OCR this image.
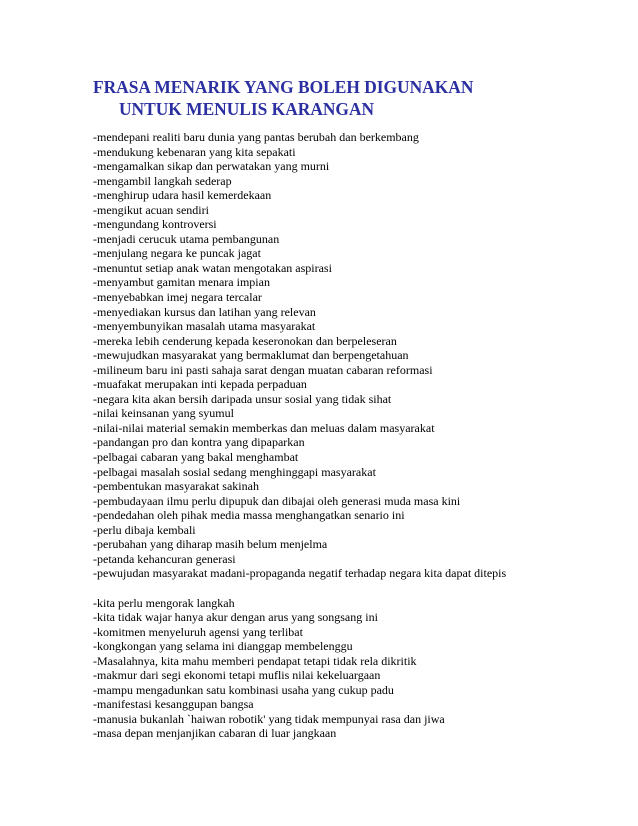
FRASA MENARIK YANG BOLEH DIGUNAKAN
UNTUK MENULIS KARANGAN
-mendepani realiti baru dunia yang pantas berubah dan berkembang
-mendukung kebenaran yang kita sepakati
-mengamalkan sikap dan perwatakan yang murni
-mengambil langkah sederap
-menghirup udara hasil kemerdekaan
-mengikut acuan sendiri
-mengundang kontroversi
-menjadi cerucuk utama pembangunan
-menjulang negara ke puncak jagat
-menuntut setiap anak watan mengotakan aspirasi
-menyambut gamitan menara impian
-menyebabkan imej negara tercalar
-menyediakan kursus dan latihan yang relevan
-menyembunyikan masalah utama masyarakat
-mereka lebih cenderung kepada keseronokan dan berpeleseran
-mewujudkan masyarakat yang bermaklumat dan berpengetahuan
-milineum baru ini pasti sahaja sarat dengan muatan cabaran reformasi
-muafakat merupakan inti kepada perpaduan
-negara kita akan bersih daripada unsur sosial yang tidak sihat
-nilai keinsanan yang syumul
-nilai-nilai material semakin memberkas dan meluas dalam masyarakat
-pandangan pro dan kontra yang dipaparkan
-pelbagai cabaran yang bakal menghambat
-pelbagai masalah sosial sedang menghinggapi masyarakat
-pembentukan masyarakat sakinah
-pembudayaan ilmu perlu dipupuk dan dibajai oleh generasi muda masa kini
-pendedahan oleh pihak media massa menghangatkan senario ini
-perlu dibaja kembali
-perubahan yang diharap masih belum menjelma
-petanda kehancuran generasi
-pewujudan masyarakat madani-propaganda negatif terhadap negara kita dapat ditepis
-kita perlu mengorak langkah
-kita tidak wajar hanya akur dengan arus yang songsang ini
-komitmen menyeluruh agensi yang terlibat
-kongkongan yang selama ini dianggap membelenggu
-Masalahnya, kita mahu memberi pendapat tetapi tidak rela dikritik
-makmur dari segi ekonomi tetapi muflis nilai kekeluargaan
-mampu mengadunkan satu kombinasi usaha yang cukup padu
-manifestasi kesanggupan bangsa
-manusia bukanlah `haiwan robotik' yang tidak mempunyai rasa dan jiwa
-masa depan menjanjikan cabaran di luar jangkaan
